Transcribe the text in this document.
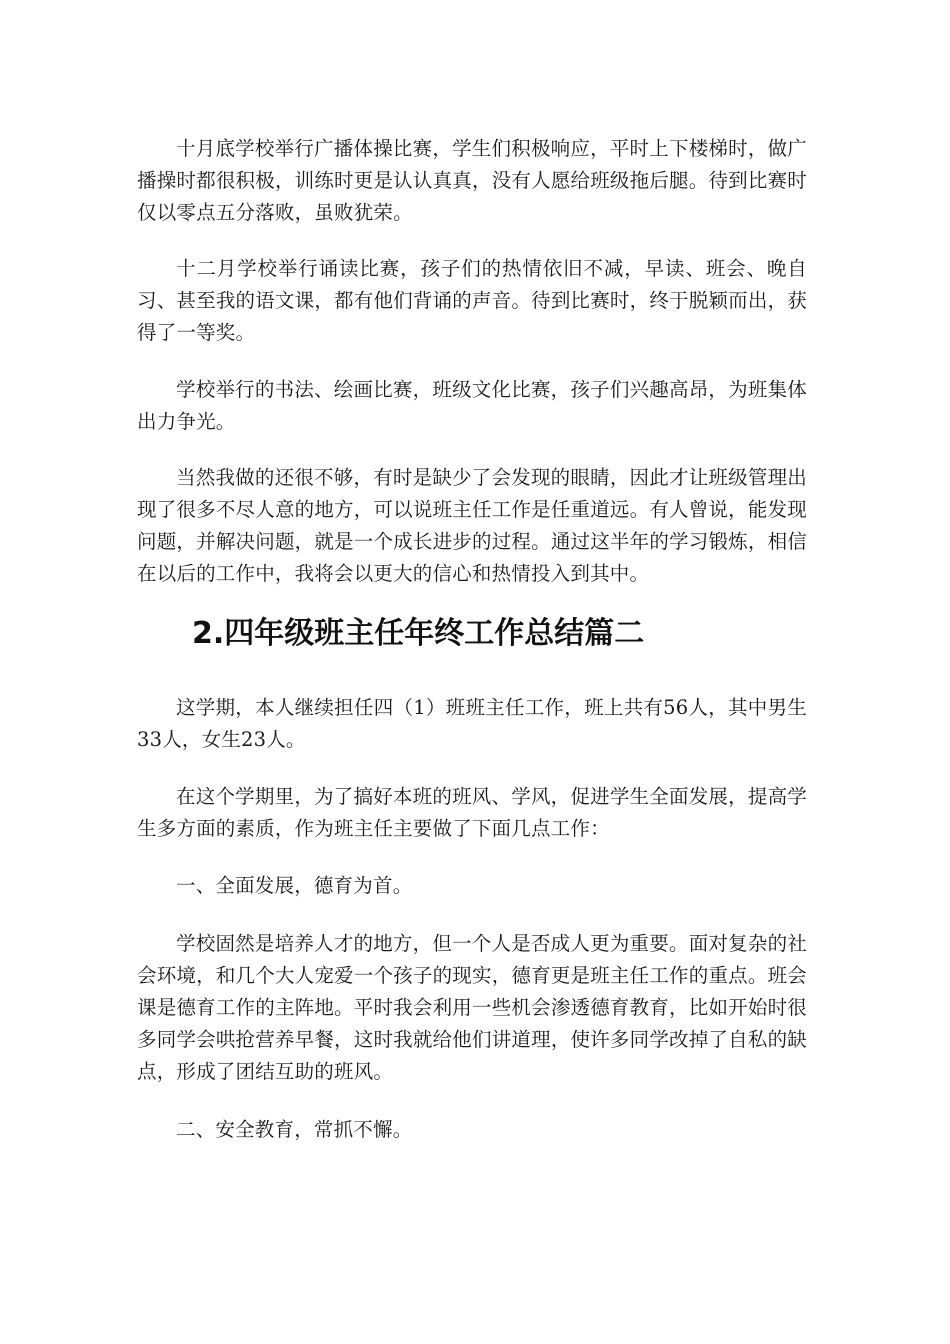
十月底学校举行广播体操比赛，学生们积极响应，平时上下楼梯时，做广播操时都很积极，训练时更是认认真真，没有人愿给班级拖后腿。待到比赛时仅以零点五分落败，虽败犹荣。

十二月学校举行诵读比赛，孩子们的热情依旧不减，早读、班会、晚自习、甚至我的语文课，都有他们背诵的声音。待到比赛时，终于脱颖而出，获得了一等奖。

学校举行的书法、绘画比赛，班级文化比赛，孩子们兴趣高昂，为班集体出力争光。

当然我做的还很不够，有时是缺少了会发现的眼睛，因此才让班级管理出现了很多不尽人意的地方，可以说班主任工作是任重道远。有人曾说，能发现问题，并解决问题，就是一个成长进步的过程。通过这半年的学习锻炼，相信在以后的工作中，我将会以更大的信心和热情投入到其中。

2.四年级班主任年终工作总结篇二

这学期，本人继续担任四（1）班班主任工作，班上共有56人，其中男生33人，女生23人。

在这个学期里，为了搞好本班的班风、学风，促进学生全面发展，提高学生多方面的素质，作为班主任主要做了下面几点工作：

一、全面发展，德育为首。

学校固然是培养人才的地方，但一个人是否成人更为重要。面对复杂的社会环境，和几个大人宠爱一个孩子的现实，德育更是班主任工作的重点。班会课是德育工作的主阵地。平时我会利用一些机会渗透德育教育，比如开始时很多同学会哄抢营养早餐，这时我就给他们讲道理，使许多同学改掉了自私的缺点，形成了团结互助的班风。

二、安全教育，常抓不懈。
